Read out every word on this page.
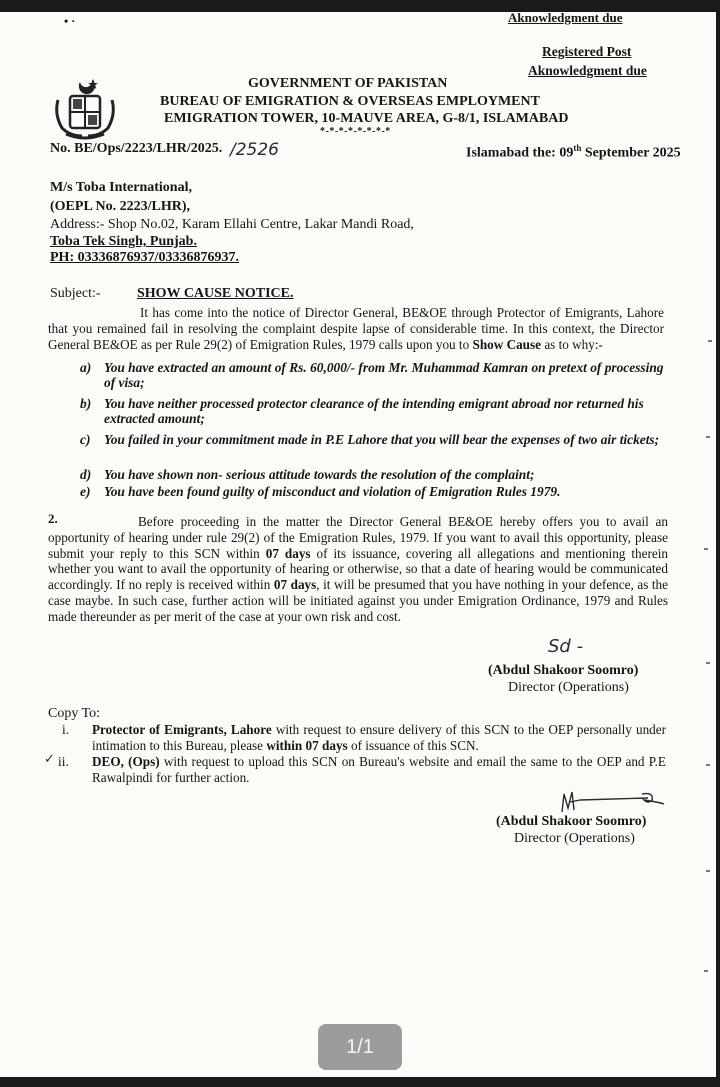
Aknowledgment due
• ·
Registered Post
Aknowledgment due
GOVERNMENT OF PAKISTAN
BUREAU OF EMIGRATION & OVERSEAS EMPLOYMENT
EMIGRATION TOWER, 10-MAUVE AREA, G-8/1, ISLAMABAD
*-*-*-*-*-*-*-*
No. BE/Ops/2223/LHR/2025. /2526	Islamabad the: 09th September 2025
M/s Toba International,
(OEPL No. 2223/LHR),
Address:- Shop No.02, Karam Ellahi Centre, Lakar Mandi Road,
Toba Tek Singh, Punjab.
PH: 03336876937/03336876937.
Subject:-	SHOW CAUSE NOTICE.
It has come into the notice of Director General, BE&OE through Protector of Emigrants, Lahore that you remained fail in resolving the complaint despite lapse of considerable time. In this context, the Director General BE&OE as per Rule 29(2) of Emigration Rules, 1979 calls upon you to Show Cause as to why:-
a) You have extracted an amount of Rs. 60,000/- from Mr. Muhammad Kamran on pretext of processing of visa;
b) You have neither processed protector clearance of the intending emigrant abroad nor returned his extracted amount;
c) You failed in your commitment made in P.E Lahore that you will bear the expenses of two air tickets;
d) You have shown non- serious attitude towards the resolution of the complaint;
e) You have been found guilty of misconduct and violation of Emigration Rules 1979.
2.	Before proceeding in the matter the Director General BE&OE hereby offers you to avail an opportunity of hearing under rule 29(2) of the Emigration Rules, 1979. If you want to avail this opportunity, please submit your reply to this SCN within 07 days of its issuance, covering all allegations and mentioning therein whether you want to avail the opportunity of hearing or otherwise, so that a date of hearing would be communicated accordingly. If no reply is received within 07 days, it will be presumed that you have nothing in your defence, as the case maybe. In such case, further action will be initiated against you under Emigration Ordinance, 1979 and Rules made thereunder as per merit of the case at your own risk and cost.
Sd -
(Abdul Shakoor Soomro)
Director (Operations)
Copy To:
i. Protector of Emigrants, Lahore with request to ensure delivery of this SCN to the OEP personally under intimation to this Bureau, please within 07 days of issuance of this SCN.
ii.
✓	DEO, (Ops) with request to upload this SCN on Bureau's website and email the same to the OEP and P.E Rawalpindi for further action.
(Abdul Shakoor Soomro)
Director (Operations)
1/1
